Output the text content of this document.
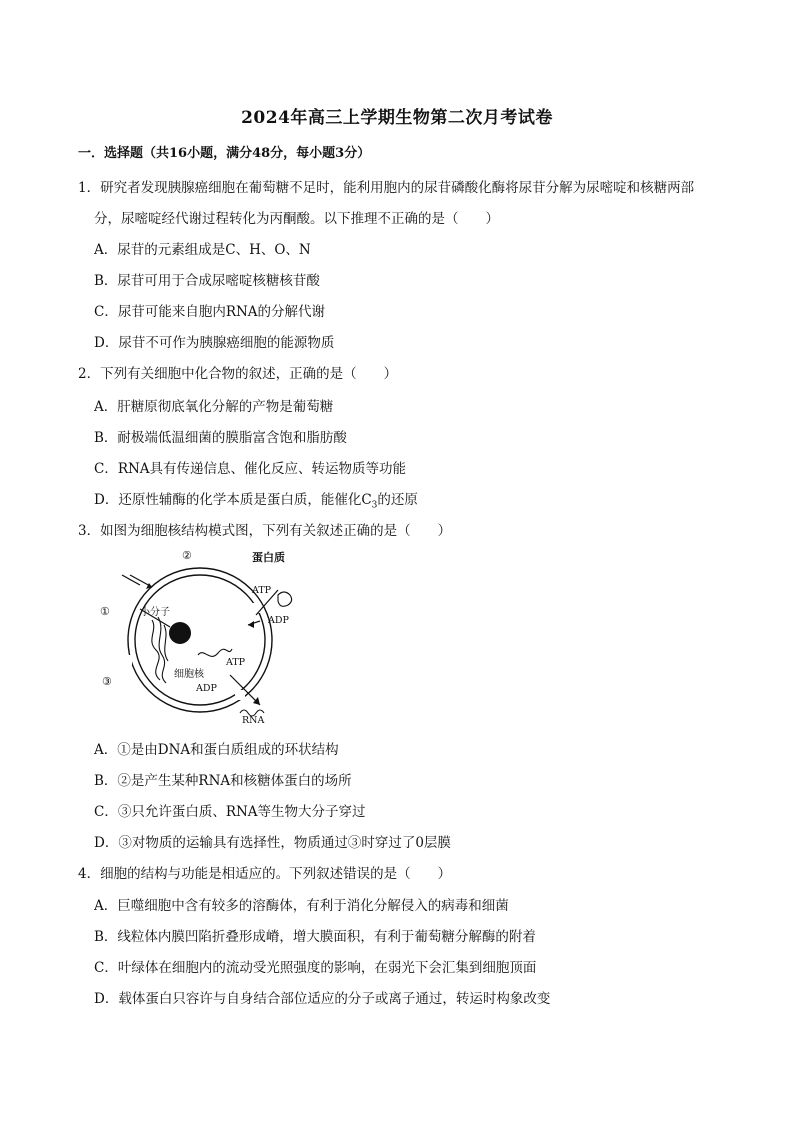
2024年高三上学期生物第二次月考试卷
一．选择题（共16小题，满分48分，每小题3分）
1．研究者发现胰腺癌细胞在葡萄糖不足时，能利用胞内的尿苷磷酸化酶将尿苷分解为尿嘧啶和核糖两部
分，尿嘧啶经代谢过程转化为丙酮酸。以下推理不正确的是（　　）
A．尿苷的元素组成是C、H、O、N
B．尿苷可用于合成尿嘧啶核糖核苷酸
C．尿苷可能来自胞内RNA的分解代谢
D．尿苷不可作为胰腺癌细胞的能源物质
2．下列有关细胞中化合物的叙述，正确的是（　　）
A．肝糖原彻底氧化分解的产物是葡萄糖
B．耐极端低温细菌的膜脂富含饱和脂肪酸
C．RNA具有传递信息、催化反应、转运物质等功能
D．还原性辅酶的化学本质是蛋白质，能催化$C_3$的还原
3．如图为细胞核结构模式图，下列有关叙述正确的是（　　）
②
①
③
蛋白质
小分子
ATP
ADP
ATP
细胞核
ADP
RNA
A．①是由DNA和蛋白质组成的环状结构
B．②是产生某种RNA和核糖体蛋白的场所
C．③只允许蛋白质、RNA等生物大分子穿过
D．③对物质的运输具有选择性，物质通过③时穿过了0层膜
4．细胞的结构与功能是相适应的。下列叙述错误的是（　　）
A．巨噬细胞中含有较多的溶酶体，有利于消化分解侵入的病毒和细菌
B．线粒体内膜凹陷折叠形成嵴，增大膜面积，有利于葡萄糖分解酶的附着
C．叶绿体在细胞内的流动受光照强度的影响，在弱光下会汇集到细胞顶面
D．载体蛋白只容许与自身结合部位适应的分子或离子通过，转运时构象改变
